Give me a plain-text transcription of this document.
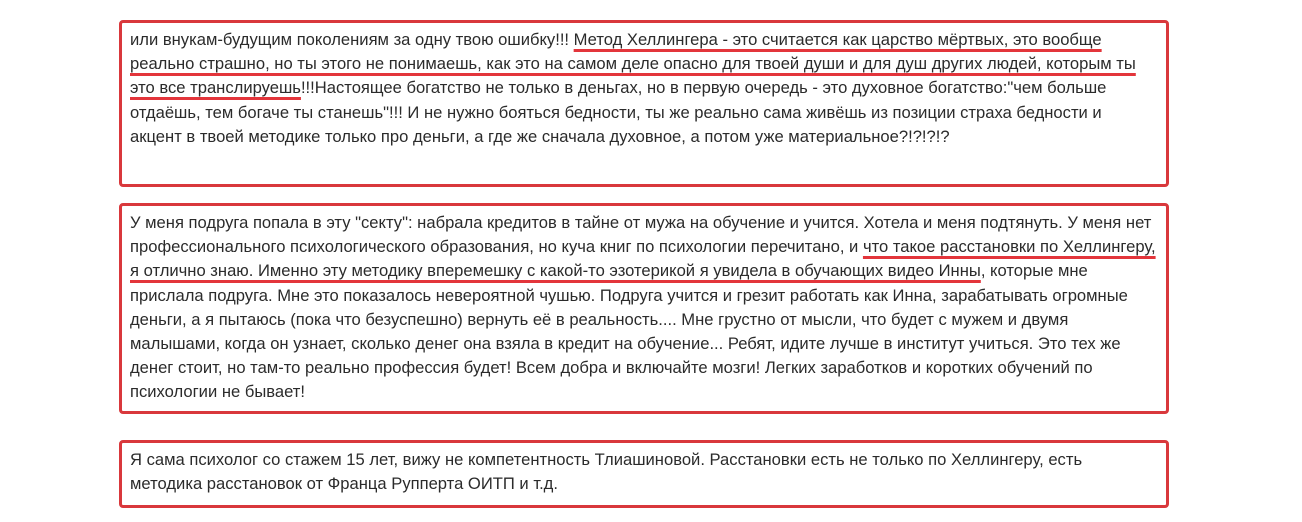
или внукам-будущим поколениям за одну твою ошибку!!! Метод Хеллингера - это считается как царство мёртвых, это вообще реально страшно, но ты этого не понимаешь, как это на самом деле опасно для твоей души и для душ других людей, которым ты это все транслируешь!!!Настоящее богатство не только в деньгах, но в первую очередь - это духовное богатство:"чем больше отдаёшь, тем богаче ты станешь"!!! И не нужно бояться бедности, ты же реально сама живёшь из позиции страха бедности и акцент в твоей методике только про деньги, а где же сначала духовное, а потом уже материальное?!?!?!?

У меня подруга попала в эту "секту": набрала кредитов в тайне от мужа на обучение и учится. Хотела и меня подтянуть. У меня нет профессионального психологического образования, но куча книг по психологии перечитано, и что такое расстановки по Хеллингеру, я отлично знаю. Именно эту методику вперемешку с какой-то эзотерикой я увидела в обучающих видео Инны, которые мне прислала подруга. Мне это показалось невероятной чушью. Подруга учится и грезит работать как Инна, зарабатывать огромные деньги, а я пытаюсь (пока что безуспешно) вернуть её в реальность.... Мне грустно от мысли, что будет с мужем и двумя малышами, когда он узнает, сколько денег она взяла в кредит на обучение... Ребят, идите лучше в институт учиться. Это тех же денег стоит, но там-то реально профессия будет! Всем добра и включайте мозги! Легких заработков и коротких обучений по психологии не бывает!

Я сама психолог со стажем 15 лет, вижу не компетентность Тлиашиновой. Расстановки есть не только по Хеллингеру, есть методика расстановок от Франца Рупперта ОИТП и т.д.
